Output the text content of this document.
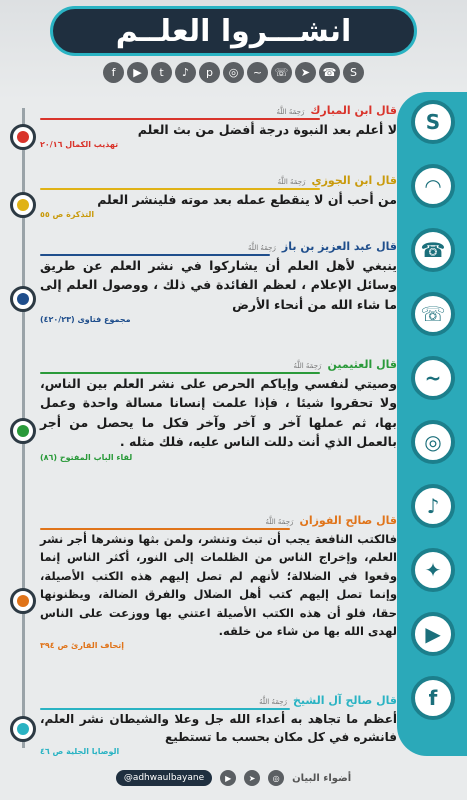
انشـــروا العلــم
f	▶	t	♪	p	◎	~	☏	➤	☎	S
S
◠
☎
☏
~
◎
♪
✦
▶
f
قال ابن المبارك
رَحِمَهُ اللَّهُ
لا أعلم بعد النبوة درجة أفضل من بث العلم
تهذيب الكمال ٢٠/١٦
قال ابن الجوزي
رَحِمَهُ اللَّهُ
من أحب أن لا ينقطع عمله بعد موته فلينشر العلم
التذكرة ص ٥٥
قال عبد العزيز بن باز
رَحِمَهُ اللَّهُ
ينبغي لأهل العلم أن يشاركوا في نشر العلم عن طريق وسائل الإعلام ، لعظم الفائدة في ذلك ، ووصول العلم إلى ما شاء الله من أنحاء الأرض
مجموع فتاوى (٤٢٠/٢٣)
قال العثيمين
رَحِمَهُ اللَّهُ
وصيتي لنفسي وإياكم الحرص على نشر العلم بين الناس، ولا تحقروا شيئا ، فإذا علمت إنسانا مسالة واحدة وعمل بها، ثم عملها آخر و آخر وآخر فكل ما يحصل من أجر بالعمل الذي أنت دللت الناس عليه، فلك مثله .
لقاء الباب المفتوح (٨٦)
قال صالح الفوزان
رَحِمَهُ اللَّهُ
فالكتب النافعة يجب أن تبث وتنشر، ولمن بثها ونشرها أجر نشر العلم، وإخراج الناس من الظلمات إلى النور، أكثر الناس إنما وقعوا في الضلالة؛ لأنهم لم تصل إليهم هذه الكتب الأصيلة، وإنما تصل إليهم كتب أهل الضلال والفرق الضالة، ويظنونها حقا، فلو أن هذه الكتب الأصيلة اعتني بها ووزعت على الناس لهدى الله بها من شاء من خلقه.
إتحاف القارئ ص ٣٩٤
قال صالح آل الشيخ
رَحِمَهُ اللَّهُ
أعظم ما تجاهد به أعداء الله جل وعلا والشيطان نشر العلم، فانشره في كل مكان بحسب ما تستطيع
الوصايا الجلية ص ٤٦
@adhwaulbayane	▶	➤	◎	أضواء البيان
